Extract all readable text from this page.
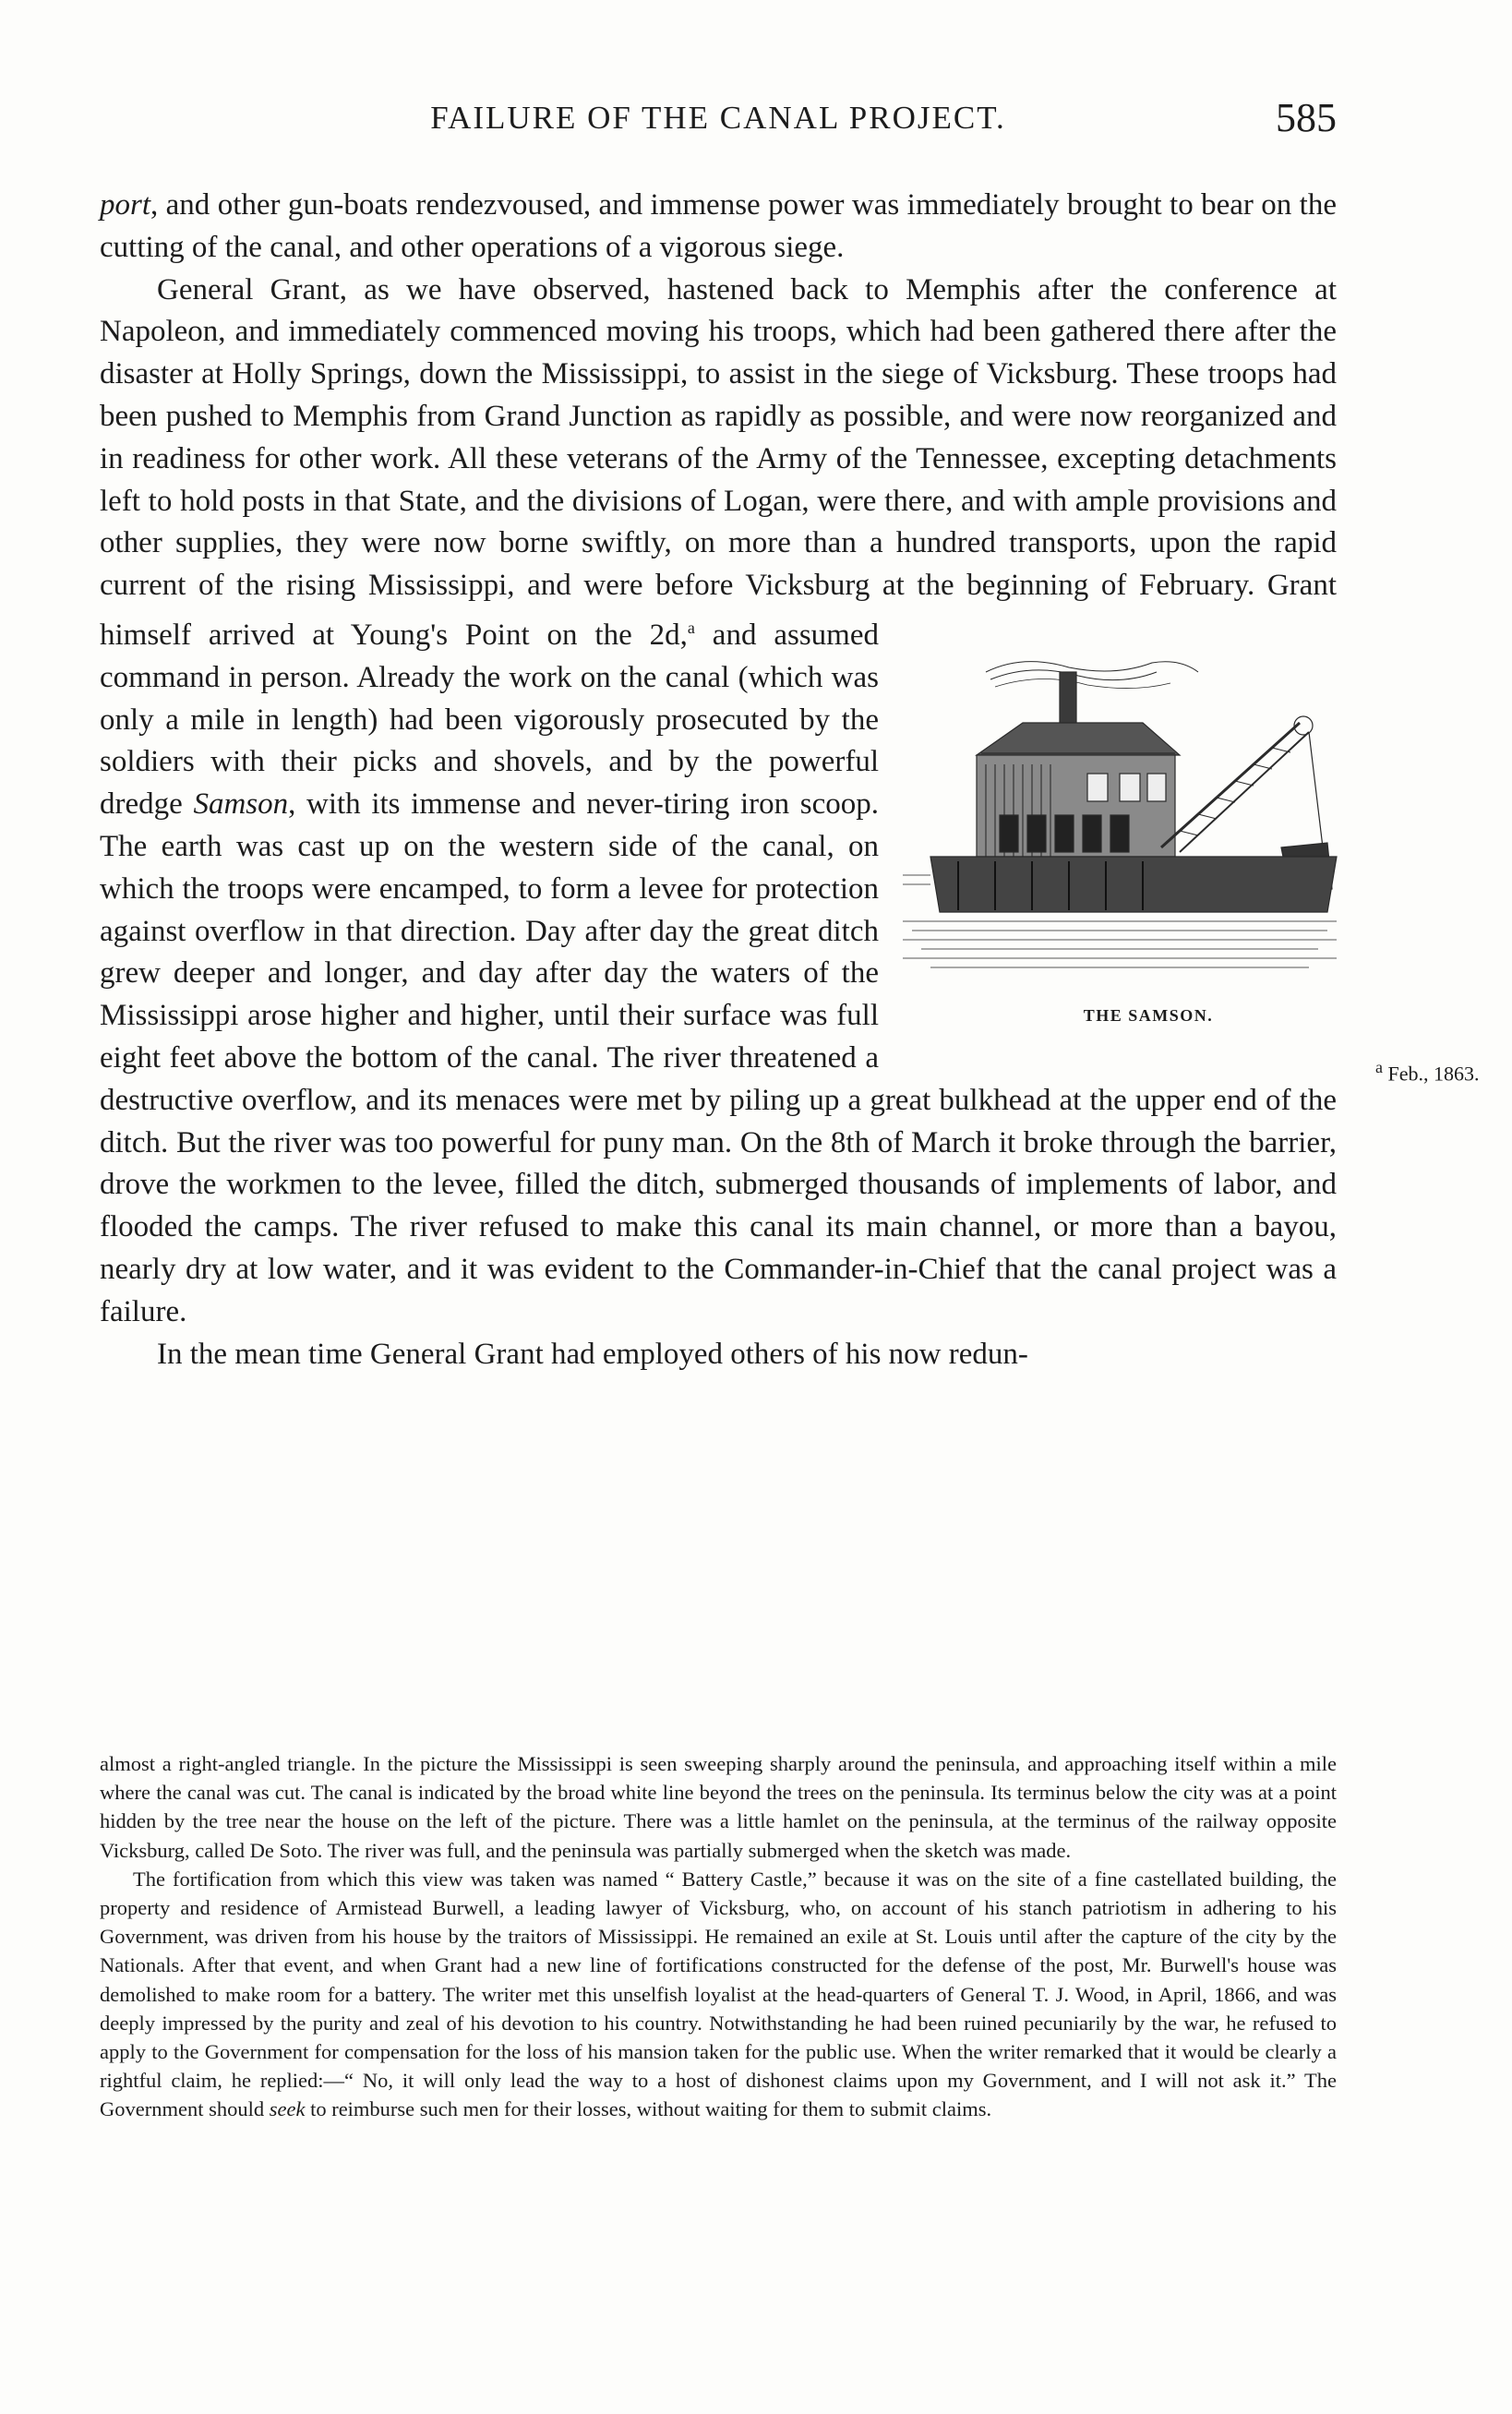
FAILURE OF THE CANAL PROJECT.	585

port, and other gun-boats rendezvoused, and immense power was immediately brought to bear on the cutting of the canal, and other operations of a vigorous siege.

General Grant, as we have observed, hastened back to Memphis after the conference at Napoleon, and immediately commenced moving his troops, which had been gathered there after the disaster at Holly Springs, down the Mississippi, to assist in the siege of Vicksburg. These troops had been pushed to Memphis from Grand Junction as rapidly as possible, and were now reorganized and in readiness for other work. All these veterans of the Army of the Tennessee, excepting detachments left to hold posts in that State, and the divisions of Logan, were there, and with ample provisions and other supplies, they were now borne swiftly, on more than a hundred transports, upon the rapid current of the rising Mississippi, and were before Vicksburg at the beginning of February. Grant himself arrived at Young's Point on the 2d,
THE SAMSON.
$^a$ Feb., 1863.
$^a$ and assumed command in person. Already the work on the canal (which was only a mile in length) had been vigorously prosecuted by the soldiers with their picks and shovels, and by the powerful dredge Samson, with its immense and never-tiring iron scoop. The earth was cast up on the western side of the canal, on which the troops were encamped, to form a levee for protection against overflow in that direction. Day after day the great ditch grew deeper and longer, and day after day the waters of the Mississippi arose higher and higher, until their surface was full eight feet above the bottom of the canal. The river threatened a destructive overflow, and its menaces were met by piling up a great bulkhead at the upper end of the ditch. But the river was too powerful for puny man. On the 8th of March it broke through the barrier, drove the workmen to the levee, filled the ditch, submerged thousands of implements of labor, and flooded the camps. The river refused to make this canal its main channel, or more than a bayou, nearly dry at low water, and it was evident to the Commander-in-Chief that the canal project was a failure.

In the mean time General Grant had employed others of his now redun-

almost a right-angled triangle. In the picture the Mississippi is seen sweeping sharply around the peninsula, and approaching itself within a mile where the canal was cut. The canal is indicated by the broad white line beyond the trees on the peninsula. Its terminus below the city was at a point hidden by the tree near the house on the left of the picture. There was a little hamlet on the peninsula, at the terminus of the railway opposite Vicksburg, called De Soto. The river was full, and the peninsula was partially submerged when the sketch was made.

The fortification from which this view was taken was named “ Battery Castle,” because it was on the site of a fine castellated building, the property and residence of Armistead Burwell, a leading lawyer of Vicksburg, who, on account of his stanch patriotism in adhering to his Government, was driven from his house by the traitors of Mississippi. He remained an exile at St. Louis until after the capture of the city by the Nationals. After that event, and when Grant had a new line of fortifications constructed for the defense of the post, Mr. Burwell's house was demolished to make room for a battery. The writer met this unselfish loyalist at the head-quarters of General T. J. Wood, in April, 1866, and was deeply impressed by the purity and zeal of his devotion to his country. Notwithstanding he had been ruined pecuniarily by the war, he refused to apply to the Government for compensation for the loss of his mansion taken for the public use. When the writer remarked that it would be clearly a rightful claim, he replied:—“ No, it will only lead the way to a host of dishonest claims upon my Government, and I will not ask it.” The Government should seek to reimburse such men for their losses, without waiting for them to submit claims.
